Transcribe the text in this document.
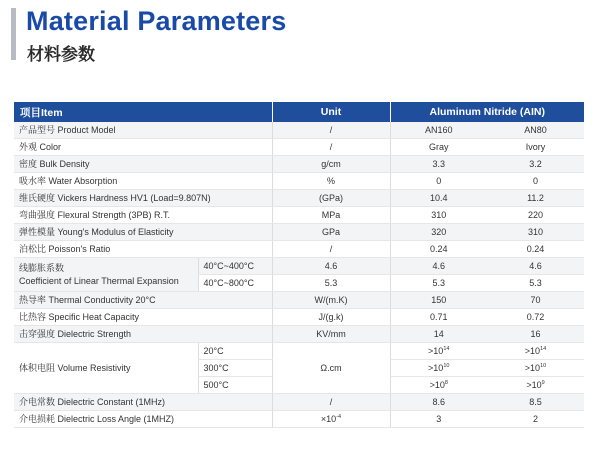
Material Parameters
材料参数
项目Item		Unit	Aluminum Nitride (AIN)	
产品型号 Product Model		/	AN160	AN80
外观 Color		/	Gray	Ivory
密度 Bulk Density		g/cm	3.3	3.2
吸水率 Water Absorption		%	0	0
维氏硬度 Vickers Hardness HV1 (Load=9.807N)		(GPa)	10.4	11.2
弯曲强度 Flexural Strength (3PB) R.T.		MPa	310	220
弹性模量 Young's Modulus of Elasticity		GPa	320	310
泊松比 Poisson's Ratio		/	0.24	0.24
线膨胀系数
Coefficient of Linear Thermal Expansion	40°C~400°C	4.6	4.6	4.6
	40°C~800°C	5.3	5.3	5.3
热导率 Thermal Conductivity 20°C		W/(m.K)	150	70
比热容 Specific Heat Capacity		J/(g.k)	0.71	0.72
击穿强度 Dielectric Strength		KV/mm	14	16
体积电阻 Volume Resistivity	20°C	Ω.cm	$>10^{14}$	$>10^{14}$
	300°C		$>10^{10}$	$>10^{10}$
	500°C		$>10^8$	$>10^9$
介电常数 Dielectric Constant (1MHz)		/	8.6	8.5
介电损耗 Dielectric Loss Angle (1MHZ)		$\times 10^{-4}$	3	2
